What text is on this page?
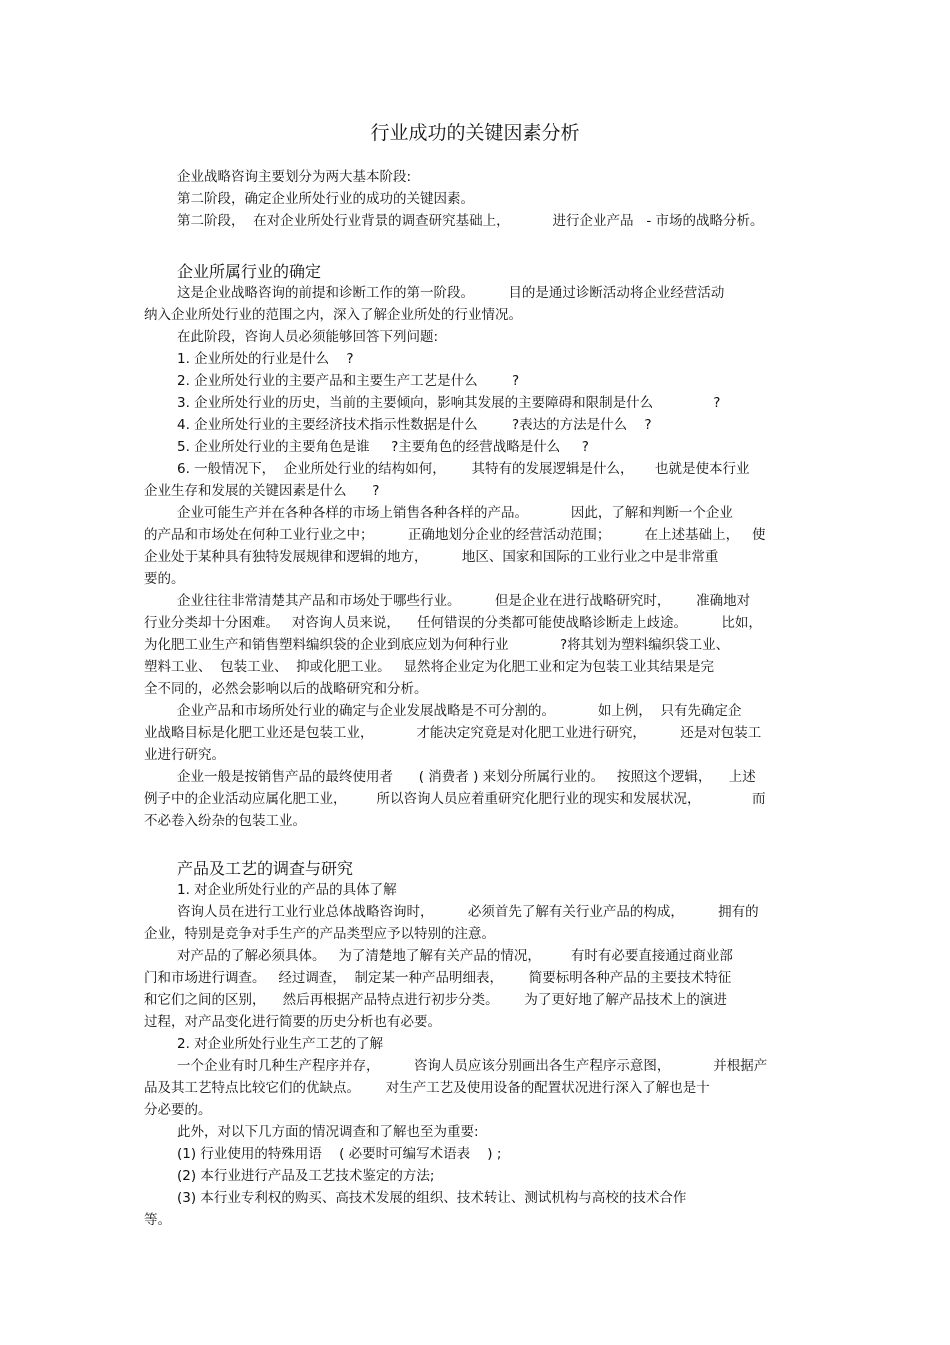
行业成功的关键因素分析
企业战略咨询主要划分为两大基本阶段:
第二阶段，确定企业所处行业的成功的关键因素。
第二阶段，  在对企业所处行业背景的调查研究基础上，          进行企业产品   - 市场的战略分析。
企业所属行业的确定
这是企业战略咨询的前提和诊断工作的第一阶段。        目的是通过诊断活动将企业经营活动
纳入企业所处行业的范围之内，深入了解企业所处的行业情况。
在此阶段，咨询人员必须能够回答下列问题:
1. 企业所处的行业是什么    ?
2. 企业所处行业的主要产品和主要生产工艺是什么        ?
3. 企业所处行业的历史，当前的主要倾向，影响其发展的主要障碍和限制是什么              ?
4. 企业所处行业的主要经济技术指示性数据是什么        ?表达的方法是什么    ?
5. 企业所处行业的主要角色是谁     ?主要角色的经营战略是什么     ?
6. 一般情况下，  企业所处行业的结构如何，      其特有的发展逻辑是什么，     也就是使本行业
企业生存和发展的关键因素是什么      ?
企业可能生产并在各种各样的市场上销售各种各样的产品。          因此，了解和判断一个企业
的产品和市场处在何种工业行业之中；        正确地划分企业的经营活动范围；        在上述基础上，   使
企业处于某种具有独特发展规律和逻辑的地方，        地区、国家和国际的工业行业之中是非常重
要的。
企业往往非常清楚其产品和市场处于哪些行业。        但是企业在进行战略研究时，      准确地对
行业分类却十分困难。   对咨询人员来说，    任何错误的分类都可能使战略诊断走上歧途。        比如，
为化肥工业生产和销售塑料编织袋的企业到底应划为何种行业            ?将其划为塑料编织袋工业、
塑料工业、  包装工业、  抑或化肥工业。   显然将企业定为化肥工业和定为包装工业其结果是完
全不同的，必然会影响以后的战略研究和分析。
企业产品和市场所处行业的确定与企业发展战略是不可分割的。          如上例，  只有先确定企
业战略目标是化肥工业还是包装工业，          才能决定究竟是对化肥工业进行研究，        还是对包装工
业进行研究。
企业一般是按销售产品的最终使用者      ( 消费者 ) 来划分所属行业的。   按照这个逻辑，    上述
例子中的企业活动应属化肥工业，       所以咨询人员应着重研究化肥行业的现实和发展状况，            而
不必卷入纷杂的包装工业。
产品及工艺的调查与研究
1. 对企业所处行业的产品的具体了解
咨询人员在进行工业行业总体战略咨询时，        必须首先了解有关行业产品的构成，        拥有的
企业，特别是竞争对手生产的产品类型应予以特别的注意。
对产品的了解必须具体。   为了清楚地了解有关产品的情况，       有时有必要直接通过商业部
门和市场进行调查。   经过调查，  制定某一种产品明细表，      简要标明各种产品的主要技术特征
和它们之间的区别，    然后再根据产品特点进行初步分类。      为了更好地了解产品技术上的演进
过程，对产品变化进行简要的历史分析也有必要。
2. 对企业所处行业生产工艺的了解
一个企业有时几种生产程序并存，        咨询人员应该分别画出各生产程序示意图，          并根据产
品及其工艺特点比较它们的优缺点。      对生产工艺及使用设备的配置状况进行深入了解也是十
分必要的。
此外，对以下几方面的情况调查和了解也至为重要:
(1) 行业使用的特殊用语    ( 必要时可编写术语表    ) ;
(2) 本行业进行产品及工艺技术鉴定的方法;
(3) 本行业专利权的购买、高技术发展的组织、技术转让、测试机构与高校的技术合作
等。
